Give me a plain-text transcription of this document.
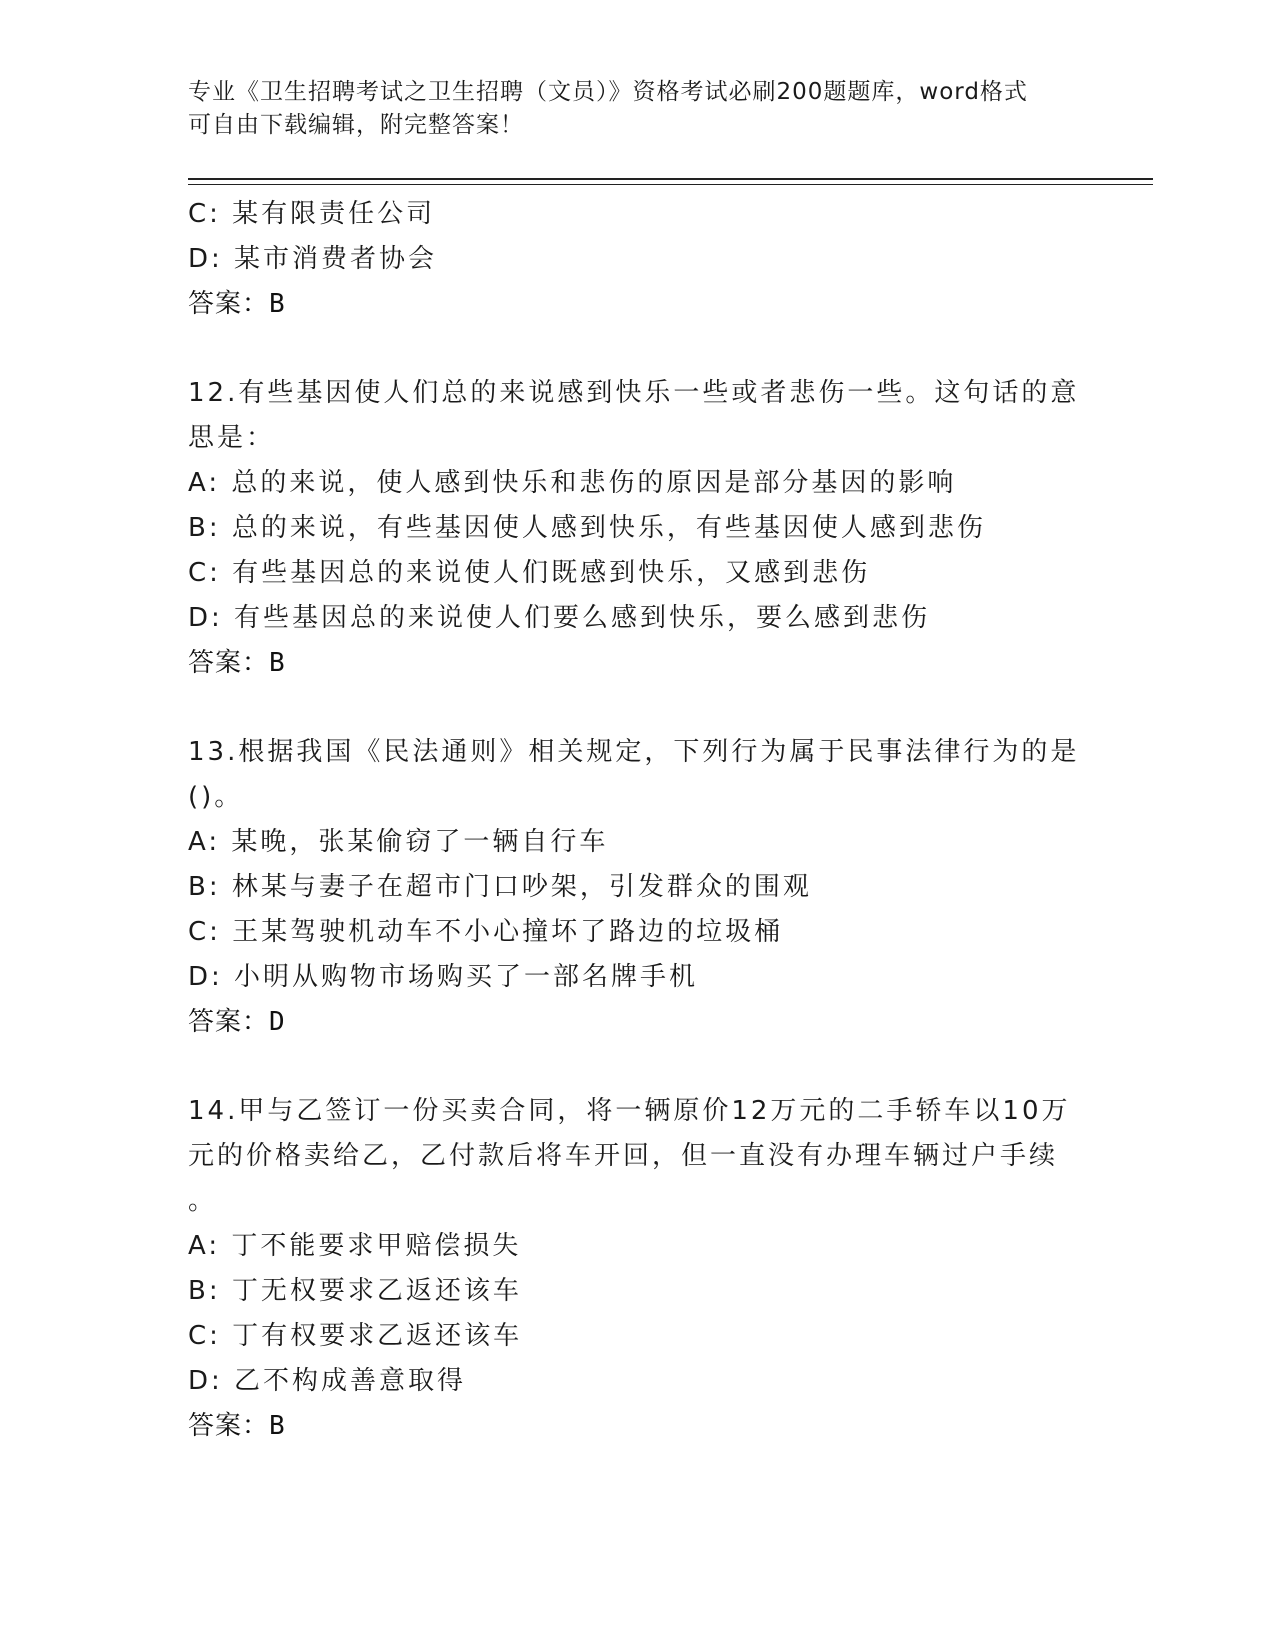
专业《卫生招聘考试之卫生招聘（文员）》资格考试必刷200题题库，word格式
可自由下载编辑，附完整答案！
C: 某有限责任公司
D: 某市消费者协会
答案：B
12.有些基因使人们总的来说感到快乐一些或者悲伤一些。这句话的意
思是：
A: 总的来说，使人感到快乐和悲伤的原因是部分基因的影响
B: 总的来说，有些基因使人感到快乐，有些基因使人感到悲伤
C: 有些基因总的来说使人们既感到快乐，又感到悲伤
D: 有些基因总的来说使人们要么感到快乐，要么感到悲伤
答案：B
13.根据我国《民法通则》相关规定，下列行为属于民事法律行为的是
()。
A: 某晚，张某偷窃了一辆自行车
B: 林某与妻子在超市门口吵架，引发群众的围观
C: 王某驾驶机动车不小心撞坏了路边的垃圾桶
D: 小明从购物市场购买了一部名牌手机
答案：D
14.甲与乙签订一份买卖合同，将一辆原价12万元的二手轿车以10万
元的价格卖给乙，乙付款后将车开回，但一直没有办理车辆过户手续
。
A: 丁不能要求甲赔偿损失
B: 丁无权要求乙返还该车
C: 丁有权要求乙返还该车
D: 乙不构成善意取得
答案：B
